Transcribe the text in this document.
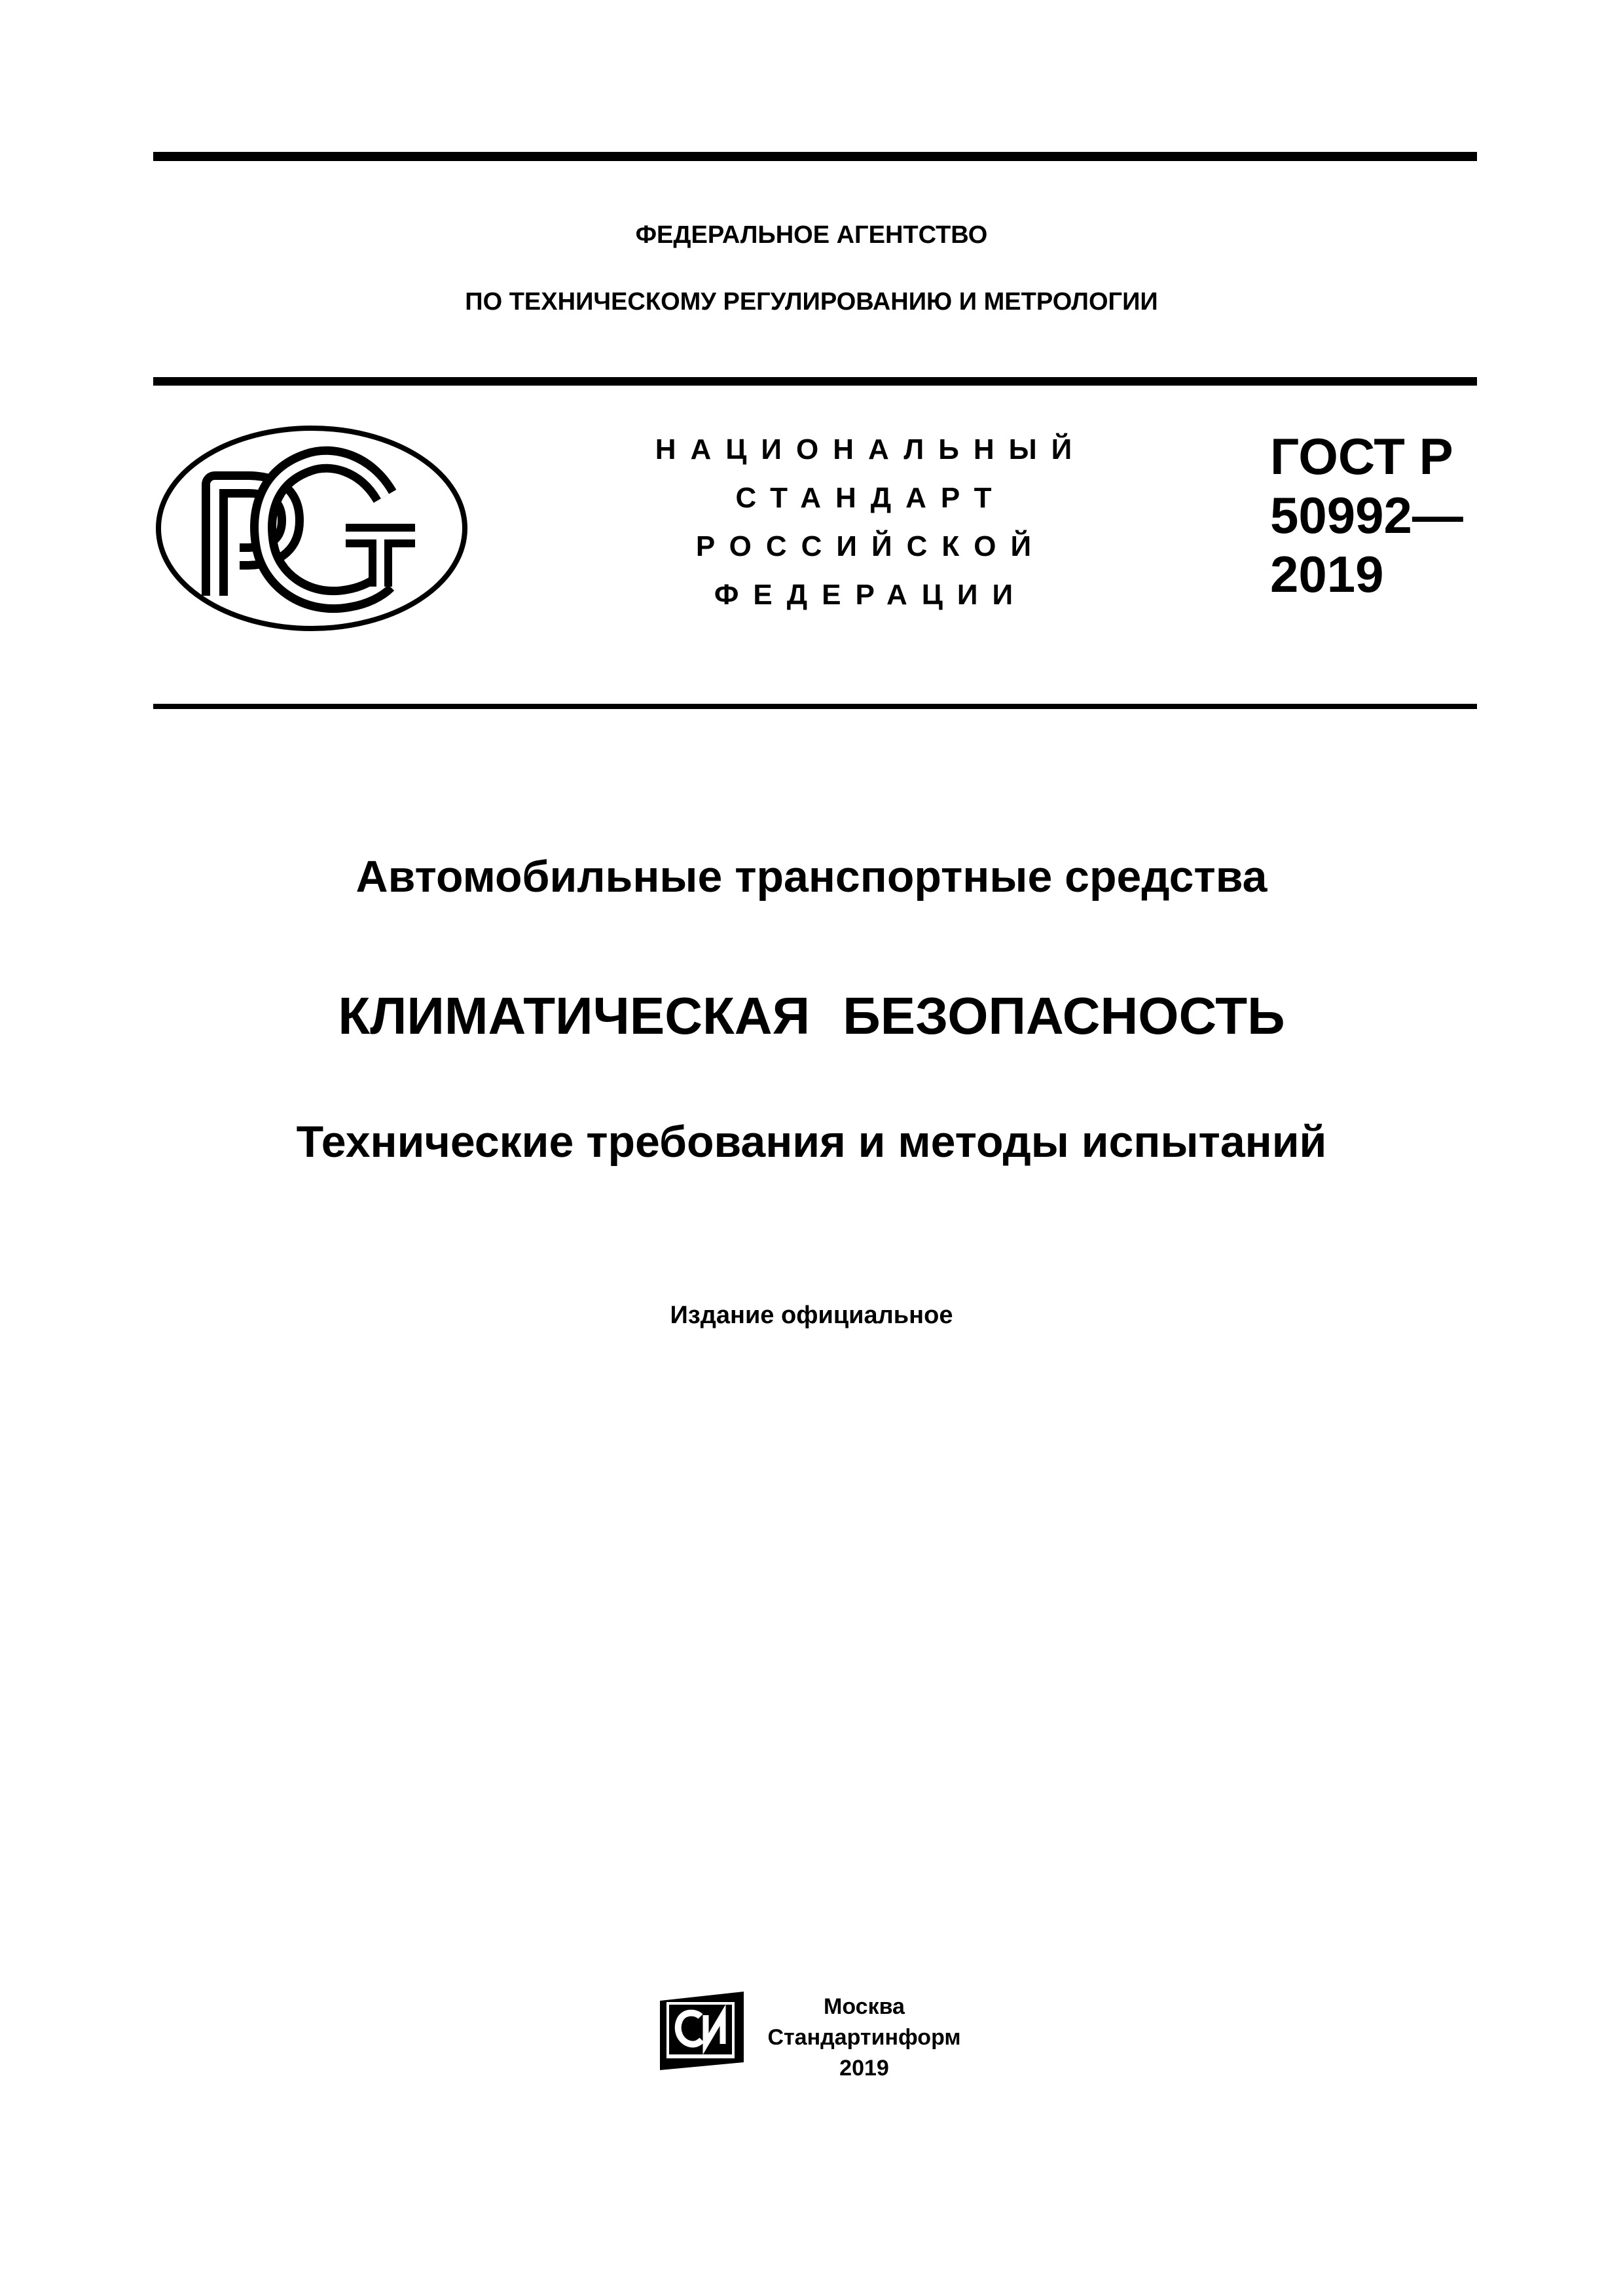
ФЕДЕРАЛЬНОЕ АГЕНТСТВО
ПО ТЕХНИЧЕСКОМУ РЕГУЛИРОВАНИЮ И МЕТРОЛОГИИ
НАЦИОНАЛЬНЫЙ
СТАНДАРТ
РОССИЙСКОЙ
ФЕДЕРАЦИИ
ГОСТ Р
50992—
2019
Автомобильные транспортные средства
КЛИМАТИЧЕСКАЯ БЕЗОПАСНОСТЬ
Технические требования и методы испытаний
Издание официальное
Москва
Стандартинформ
2019
